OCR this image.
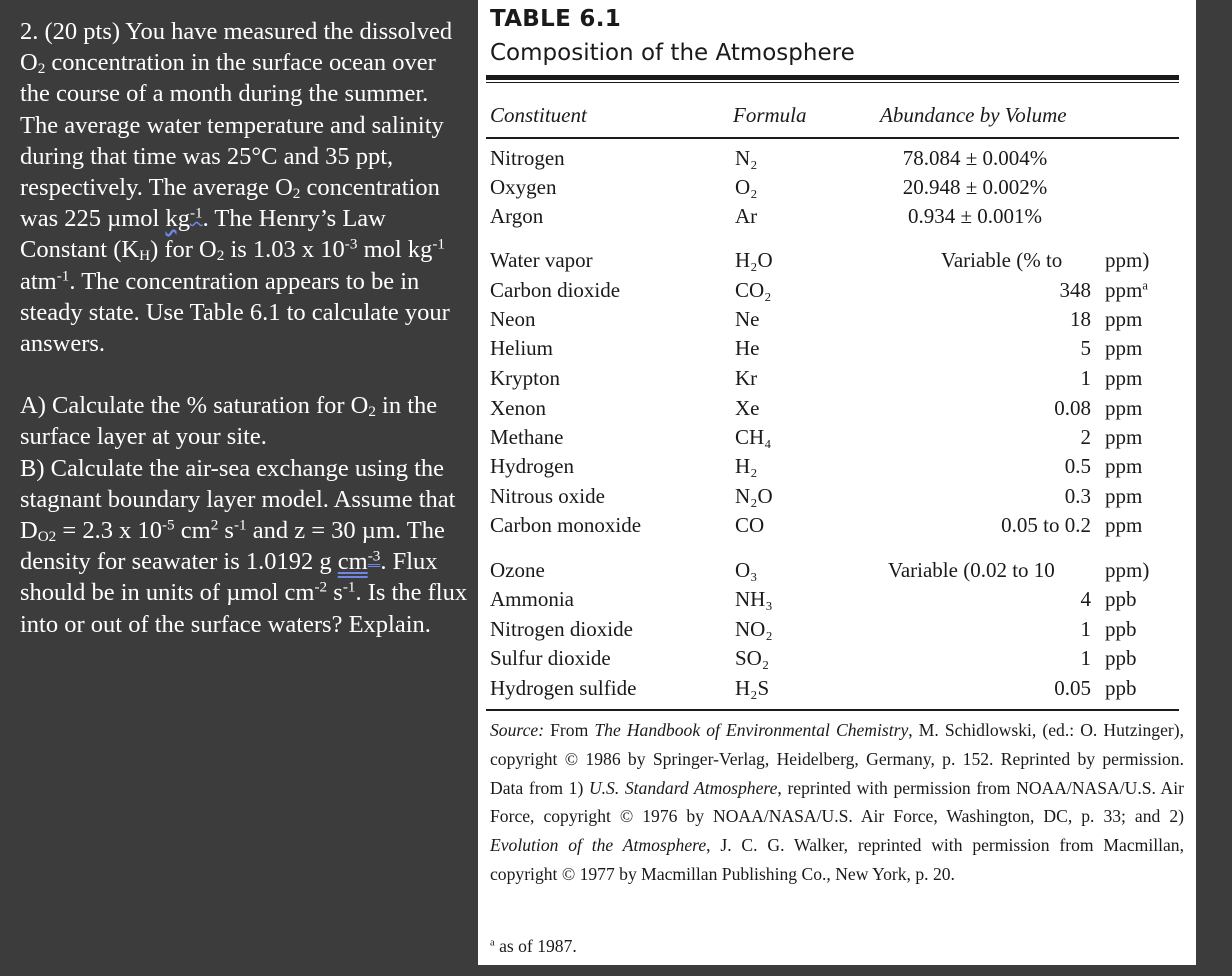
2. (20 pts) You have measured the dissolved $O_2$ concentration in the surface ocean over the course of a month during the summer. The average water temperature and salinity during that time was 25°C and 35 ppt, respectively. The average $O_2$ concentration was 225 µmol $kg^{-1}$. The Henry’s Law Constant $(K_H)$ for $O_2$ is 1.03 x $10^{-3}$ mol $kg^{-1}$ atm$^{-1}$. The concentration appears to be in steady state. Use Table 6.1 to calculate your answers.

A) Calculate the % saturation for $O_2$ in the surface layer at your site.

B) Calculate the air-sea exchange using the stagnant boundary layer model. Assume that $D_{O2} = 2.3$ x $10^{-5}$ $cm^2$ $s^{-1}$ and z = 30 µm. The density for seawater is 1.0192 g $cm^{-3}$. Flux should be in units of µmol $cm^{-2}$ $s^{-1}$. Is the flux into or out of the surface waters? Explain.

TABLE 6.1
Composition of the Atmosphere
Constituent	Formula	Abundance by Volume
Nitrogen	N₂	78.084 ± 0.004%
Oxygen	O₂	20.948 ± 0.002%
Argon	Ar	0.934 ± 0.001%
Water vapor	H₂O	Variable (% to ppm)
Carbon dioxide	CO₂	348 ppm$^a$
Neon	Ne	18 ppm
Helium	He	5 ppm
Krypton	Kr	1 ppm
Xenon	Xe	0.08 ppm
Methane	CH₄	2 ppm
Hydrogen	H₂	0.5 ppm
Nitrous oxide	N₂O	0.3 ppm
Carbon monoxide	CO	0.05 to 0.2 ppm
Ozone	O₃	Variable (0.02 to 10 ppm)
Ammonia	NH₃	4 ppb
Nitrogen dioxide	NO₂	1 ppb
Sulfur dioxide	SO₂	1 ppb
Hydrogen sulfide	H₂S	0.05 ppb
Source: From The Handbook of Environmental Chemistry, M. Schidlowski, (ed.: O. Hutzinger), copyright © 1986 by Springer-Verlag, Heidelberg, Germany, p. 152. Reprinted by permission. Data from 1) U.S. Standard Atmosphere, reprinted with permission from NOAA/NASA/U.S. Air Force, copyright © 1976 by NOAA/NASA/U.S. Air Force, Washington, DC, p. 33; and 2) Evolution of the Atmosphere, J. C. G. Walker, reprinted with permission from Macmillan, copyright © 1977 by Macmillan Publishing Co., New York, p. 20.
$^a$ as of 1987.
